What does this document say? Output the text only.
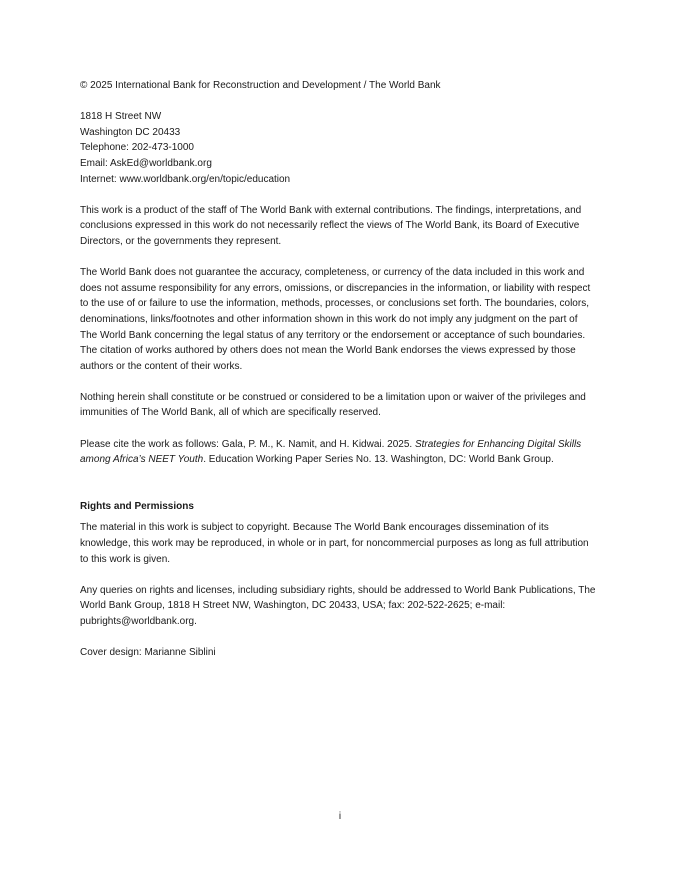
© 2025 International Bank for Reconstruction and Development / The World Bank

1818 H Street NW
Washington DC 20433
Telephone: 202-473-1000
Email: AskEd@worldbank.org
Internet: www.worldbank.org/en/topic/education

This work is a product of the staff of The World Bank with external contributions. The findings, interpretations, and conclusions expressed in this work do not necessarily reflect the views of The World Bank, its Board of Executive Directors, or the governments they represent.

The World Bank does not guarantee the accuracy, completeness, or currency of the data included in this work and does not assume responsibility for any errors, omissions, or discrepancies in the information, or liability with respect to the use of or failure to use the information, methods, processes, or conclusions set forth. The boundaries, colors, denominations, links/footnotes and other information shown in this work do not imply any judgment on the part of The World Bank concerning the legal status of any territory or the endorsement or acceptance of such boundaries. The citation of works authored by others does not mean the World Bank endorses the views expressed by those authors or the content of their works.

Nothing herein shall constitute or be construed or considered to be a limitation upon or waiver of the privileges and immunities of The World Bank, all of which are specifically reserved.

Please cite the work as follows: Gala, P. M., K. Namit, and H. Kidwai. 2025. Strategies for Enhancing Digital Skills among Africa’s NEET Youth. Education Working Paper Series No. 13. Washington, DC: World Bank Group.

Rights and Permissions

The material in this work is subject to copyright. Because The World Bank encourages dissemination of its knowledge, this work may be reproduced, in whole or in part, for noncommercial purposes as long as full attribution to this work is given.

Any queries on rights and licenses, including subsidiary rights, should be addressed to World Bank Publications, The World Bank Group, 1818 H Street NW, Washington, DC 20433, USA; fax: 202-522-2625; e-mail: pubrights@worldbank.org.

Cover design: Marianne Siblini

i
